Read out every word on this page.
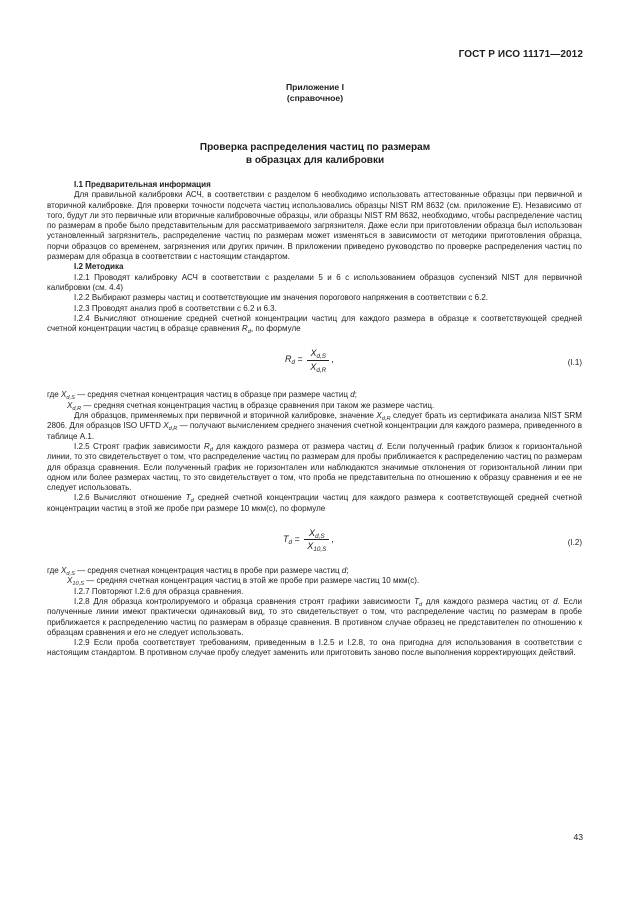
ГОСТ Р ИСО 11171—2012
Приложение I
(справочное)
Проверка распределения частиц по размерам
в образцах для калибровки

I.1 Предварительная информация

Для правильной калибровки АСЧ, в соответствии с разделом 6 необходимо использовать аттестованные образцы при первичной и вторичной калибровке. Для проверки точности подсчета частиц использовались образцы NIST RM 8632 (см. приложение Е). Независимо от того, будут ли это первичные или вторичные калибровочные образцы, или образцы NIST RM 8632, необходимо, чтобы распределение частиц по размерам в пробе было представительным для рассматриваемого загрязнителя. Даже если при приготовлении образца был использован установленный загрязнитель, распределение частиц по размерам может изменяться в зависимости от методики приготовления образца, порчи образцов со временем, загрязнения или других причин. В приложении приведено руководство по проверке распределения частиц по размерам для образца в соответствии с настоящим стандартом.

I.2 Методика

I.2.1 Проводят калибровку АСЧ в соответствии с разделами 5 и 6 с использованием образцов суспензий NIST для первичной калибровки (см. 4.4)

I.2.2 Выбирают размеры частиц и соответствующие им значения порогового напряжения в соответствии с 6.2.

I.2.3 Проводят анализ проб в соответствии с 6.2 и 6.3.

I.2.4 Вычисляют отношение средней счетной концентрации частиц для каждого размера в образце к соответствующей средней счетной концентрации частиц в образце сравнения $R_d$, по формуле

$R_d = \frac{X_{d,S}}{X_{d,R}}$ ,	(I.1)

где $X_{d,S}$ — средняя счетная концентрация частиц в образце при размере частиц d;

$X_{d,R}$ — средняя счетная концентрация частиц в образце сравнения при таком же размере частиц.

Для образцов, применяемых при первичной и вторичной калибровке, значение $X_{d,R}$ следует брать из сертификата анализа NIST SRM 2806. Для образцов ISO UFTD $X_{d,R}$ — получают вычислением среднего значения счетной концентрации для каждого размера, приведенного в таблице А.1.

I.2.5 Строят график зависимости $R_d$ для каждого размера от размера частиц d. Если полученный график близок к горизонтальной линии, то это свидетельствует о том, что распределение частиц по размерам для пробы приближается к распределению частиц по размерам для образца сравнения. Если полученный график не горизонтален или наблюдаются значимые отклонения от горизонтальной линии при одном или более размерах частиц, то это свидетельствует о том, что проба не представительна по отношению к образцу сравнения и ее не следует использовать.

I.2.6 Вычисляют отношение $T_d$ средней счетной концентрации частиц для каждого размера к соответствующей средней счетной концентрации частиц в этой же пробе при размере 10 мкм(с), по формуле

$T_d = \frac{X_{d,S}}{X_{10,S}}$ ,	(I.2)

где $X_{d,S}$ — средняя счетная концентрация частиц в пробе при размере частиц d;

$X_{10,S}$ — средняя счетная концентрация частиц в этой же пробе при размере частиц 10 мкм(с).

I.2.7 Повторяют I.2.6 для образца сравнения.

I.2.8 Для образца контролируемого и образца сравнения строят графики зависимости $T_d$ для каждого размера частиц от d. Если полученные линии имеют практически одинаковый вид, то это свидетельствует о том, что распределение частиц по размерам в пробе приближается к распределению частиц по размерам в образце сравнения. В противном случае образец не представителен по отношению к образцам сравнения и его не следует использовать.

I.2.9 Если проба соответствует требованиям, приведенным в I.2.5 и I.2.8, то она пригодна для использования в соответствии с настоящим стандартом. В противном случае пробу следует заменить или приготовить заново после выполнения корректирующих действий.

43
